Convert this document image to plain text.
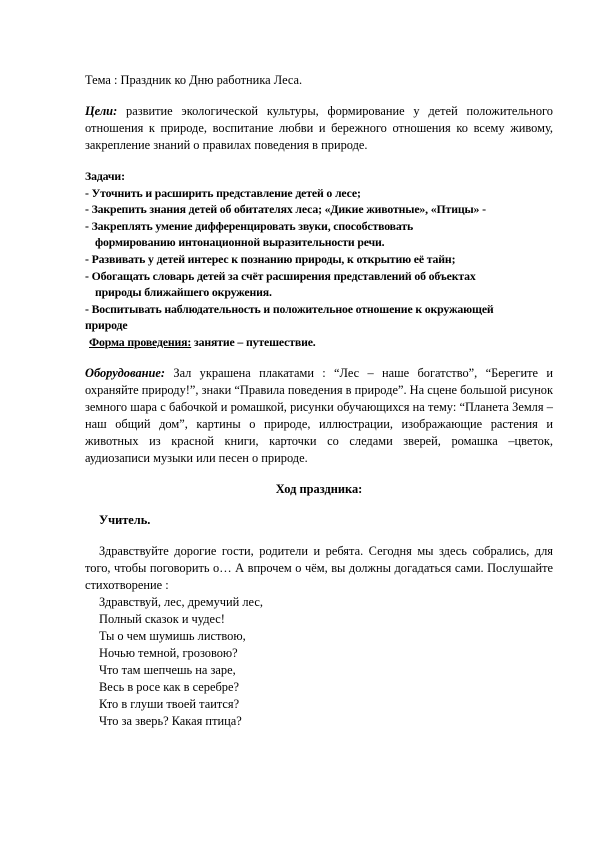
Тема : Праздник ко Дню работника Леса.

Цели: развитие экологической культуры, формирование у детей положительного отношения к природе, воспитание любви и бережного отношения ко всему живому, закрепление знаний о правилах поведения в природе.

Задачи:
- Уточнить и расширить представление детей о лесе;
- Закрепить знания детей об обитателях леса; «Дикие животные», «Птицы» -
- Закреплять умение дифференцировать звуки, способствовать
формированию интонационной выразительности речи.
- Развивать у детей интерес к познанию природы, к открытию её тайн;
- Обогащать словарь детей за счёт расширения представлений об объектах
природы ближайшего окружения.
- Воспитывать наблюдательность и положительное отношение к окружающей
природе
Форма проведения: занятие – путешествие.

Оборудование: Зал украшена плакатами : “Лес – наше богатство”, “Берегите и охраняйте природу!”, знаки “Правила поведения в природе”. На сцене большой рисунок земного шара с бабочкой и ромашкой, рисунки обучающихся на тему: “Планета Земля – наш общий дом”, картины о природе, иллюстрации, изображающие растения и животных из красной книги, карточки со следами зверей, ромашка –цветок, аудиозаписи музыки или песен о природе.

Ход праздника:

Учитель.

Здравствуйте дорогие гости, родители и ребята. Сегодня мы здесь собрались, для того, чтобы поговорить о… А впрочем о чём, вы должны догадаться сами. Послушайте стихотворение :

Здравствуй, лес, дремучий лес,
Полный сказок и чудес!
Ты о чем шумишь листвою,
Ночью темной, грозовою?
Что там шепчешь на заре,
Весь в росе как в серебре?
Кто в глуши твоей таится?
Что за зверь? Какая птица?
